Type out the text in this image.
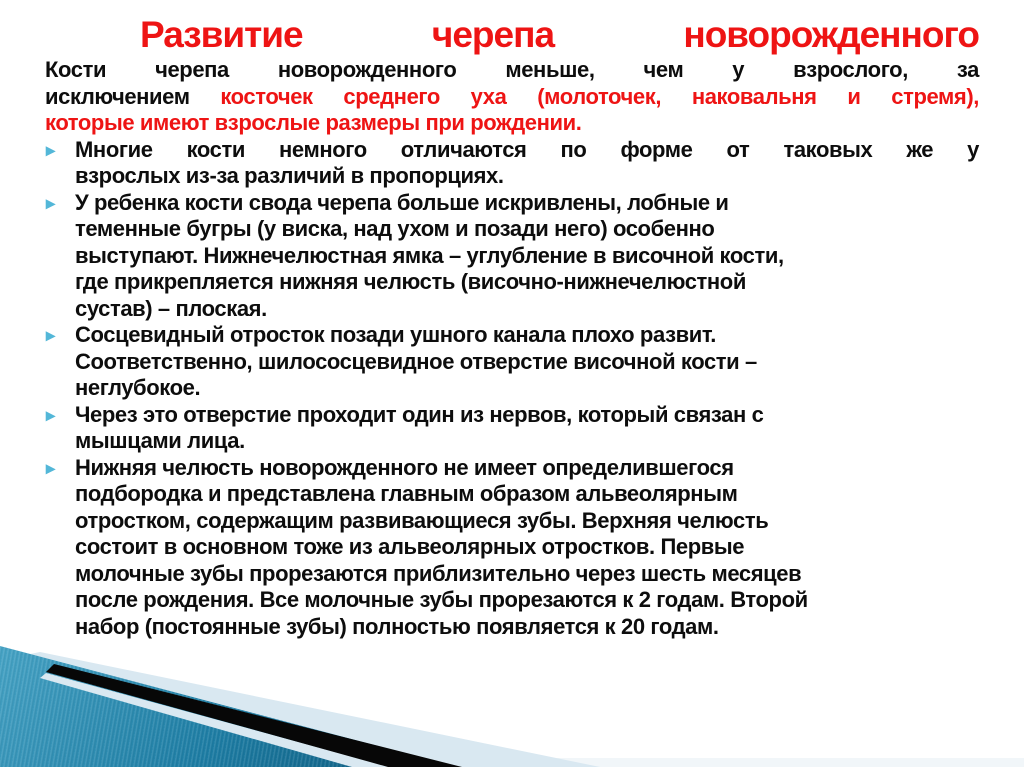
Развитие черепа новорожденного
Кости черепа новорожденного меньше, чем у взрослого, за
исключением косточек среднего уха (молоточек, наковальня и стремя),
которые имеют взрослые размеры при рождении.
▸ Многие кости немного отличаются по форме от таковых же у
взрослых из-за различий в пропорциях.
▸ У ребенка кости свода черепа больше искривлены, лобные и
теменные бугры (у виска, над ухом и позади него) особенно
выступают. Нижнечелюстная ямка – углубление в височной кости,
где прикрепляется нижняя челюсть (височно-нижнечелюстной
сустав) – плоская.
▸ Сосцевидный отросток позади ушного канала плохо развит.
Соответственно, шилососцевидное отверстие височной кости –
неглубокое.
▸ Через это отверстие проходит один из нервов, который связан с
мышцами лица.
▸ Нижняя челюсть новорожденного не имеет определившегося
подбородка и представлена главным образом альвеолярным
отростком, содержащим развивающиеся зубы. Верхняя челюсть
состоит в основном тоже из альвеолярных отростков. Первые
молочные зубы прорезаются приблизительно через шесть месяцев
после рождения. Все молочные зубы прорезаются к 2 годам. Второй
набор (постоянные зубы) полностью появляется к 20 годам.
